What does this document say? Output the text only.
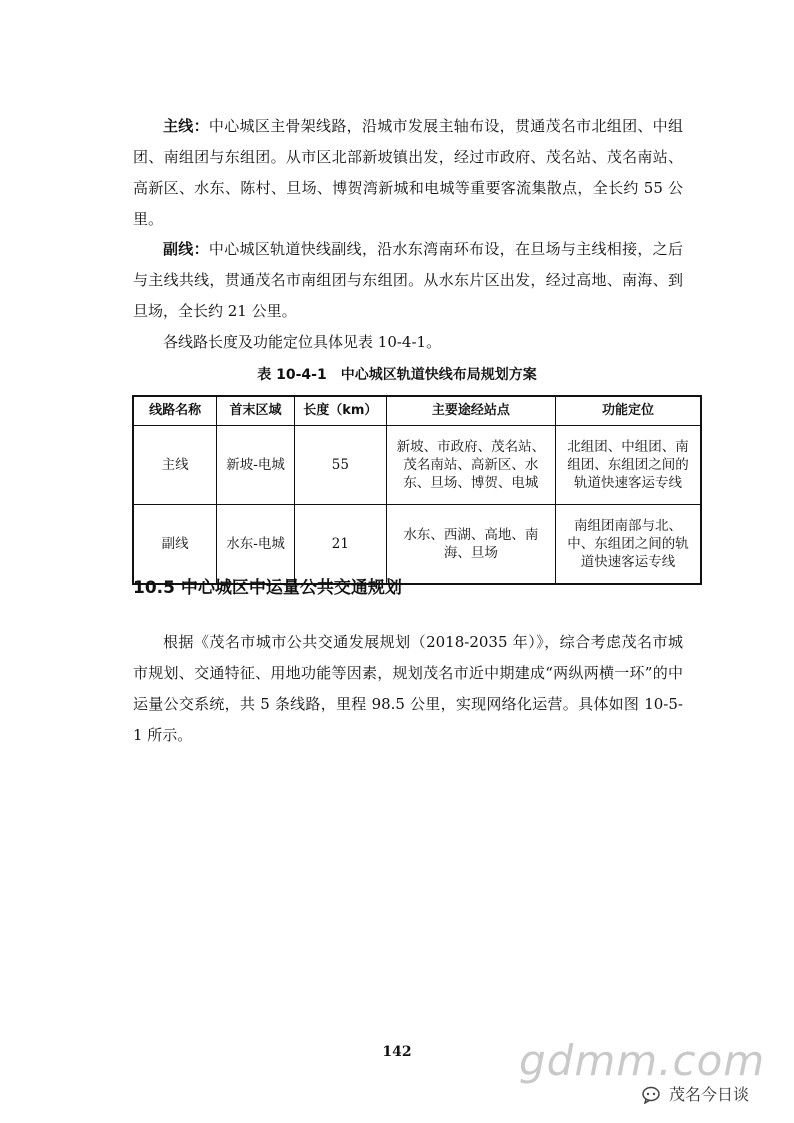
主线：中心城区主骨架线路，沿城市发展主轴布设，贯通茂名市北组团、中组团、南组团与东组团。从市区北部新坡镇出发，经过市政府、茂名站、茂名南站、高新区、水东、陈村、旦场、博贺湾新城和电城等重要客流集散点，全长约 55 公里。

副线：中心城区轨道快线副线，沿水东湾南环布设，在旦场与主线相接，之后与主线共线，贯通茂名市南组团与东组团。从水东片区出发，经过高地、南海、到旦场，全长约 21 公里。

各线路长度及功能定位具体见表 10-4-1。

表 10-4-1　中心城区轨道快线布局规划方案
线路名称	首末区域	长度（km）	主要途经站点	功能定位
主线	新坡-电城	55	新坡、市政府、茂名站、茂名南站、高新区、水东、旦场、博贺、电城	北组团、中组团、南组团、东组团之间的轨道快速客运专线
副线	水东-电城	21	水东、西湖、高地、南海、旦场	南组团南部与北、中、东组团之间的轨道快速客运专线
10.5 中心城区中运量公共交通规划

根据《茂名市城市公共交通发展规划（2018-2035 年）》，综合考虑茂名市城市规划、交通特征、用地功能等因素，规划茂名市近中期建成“两纵两横一环”的中运量公交系统，共 5 条线路，里程 98.5 公里，实现网络化运营。具体如图 10-5-1 所示。

142	gdmm.com
茂名今日谈
